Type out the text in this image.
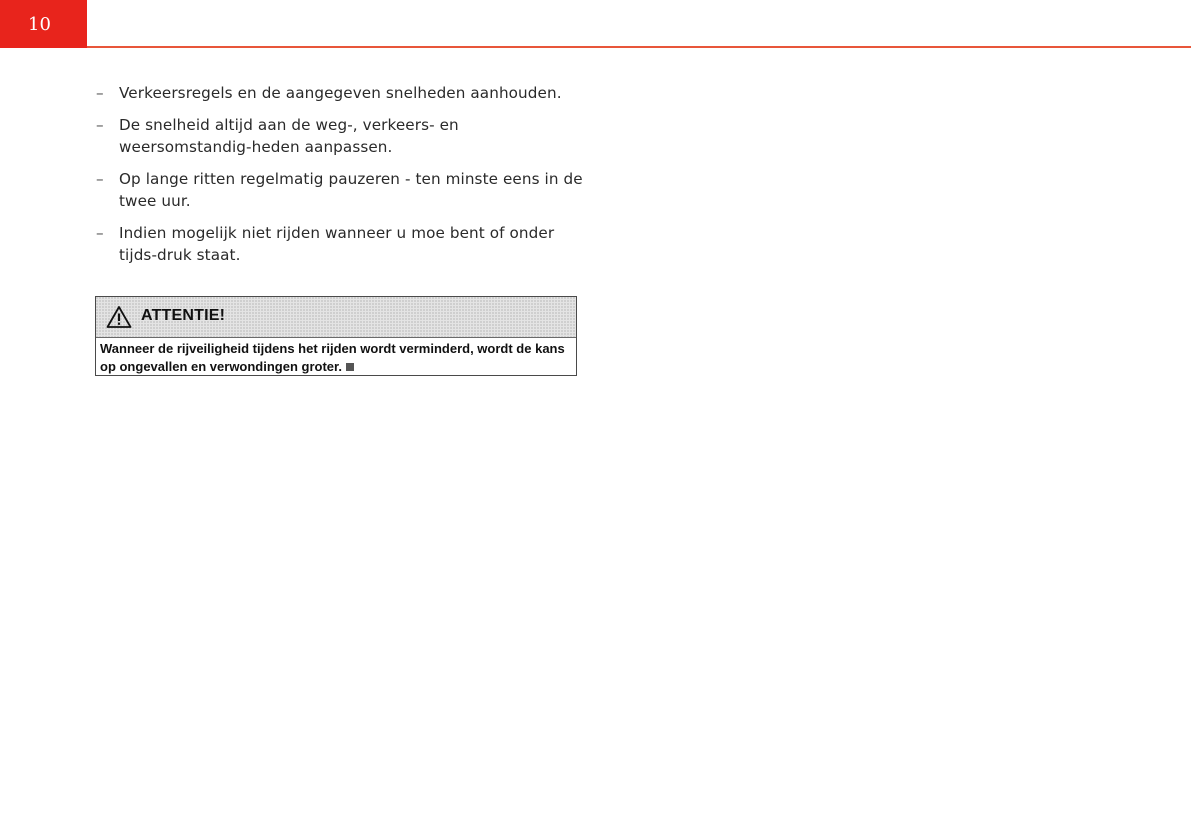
10
– Verkeersregels en de aangegeven snelheden aanhouden.
– De snelheid altijd aan de weg-, verkeers- en weersomstandig-heden aanpassen.
– Op lange ritten regelmatig pauzeren - ten minste eens in de twee uur.
– Indien mogelijk niet rijden wanneer u moe bent of onder tijds-druk staat.
ATTENTIE!
Wanneer de rijveiligheid tijdens het rijden wordt verminderd, wordt de kans op ongevallen en verwondingen groter.
